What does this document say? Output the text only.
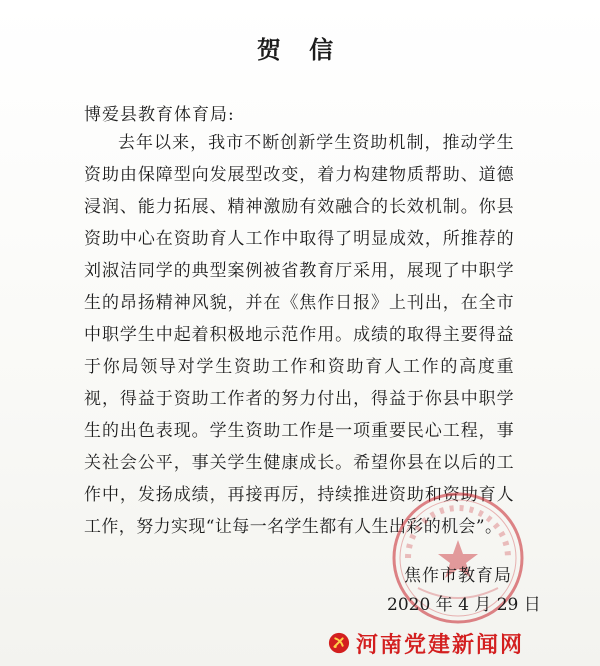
贺 信
博爱县教育体育局:

去年以来，我市不断创新学生资助机制，推动学生资助由保障型向发展型改变，着力构建物质帮助、道德浸润、能力拓展、精神激励有效融合的长效机制。你县资助中心在资助育人工作中取得了明显成效，所推荐的刘淑洁同学的典型案例被省教育厅采用，展现了中职学生的昂扬精神风貌，并在《焦作日报》上刊出，在全市中职学生中起着积极地示范作用。成绩的取得主要得益于你局领导对学生资助工作和资助育人工作的高度重视，得益于资助工作者的努力付出，得益于你县中职学生的出色表现。学生资助工作是一项重要民心工程，事关社会公平，事关学生健康成长。希望你县在以后的工作中，发扬成绩，再接再厉，持续推进资助和资助育人工作，努力实现“让每一名学生都有人生出彩的机会”。

焦作市教育局
2020 年 4 月 29 日
河南党建新闻网
